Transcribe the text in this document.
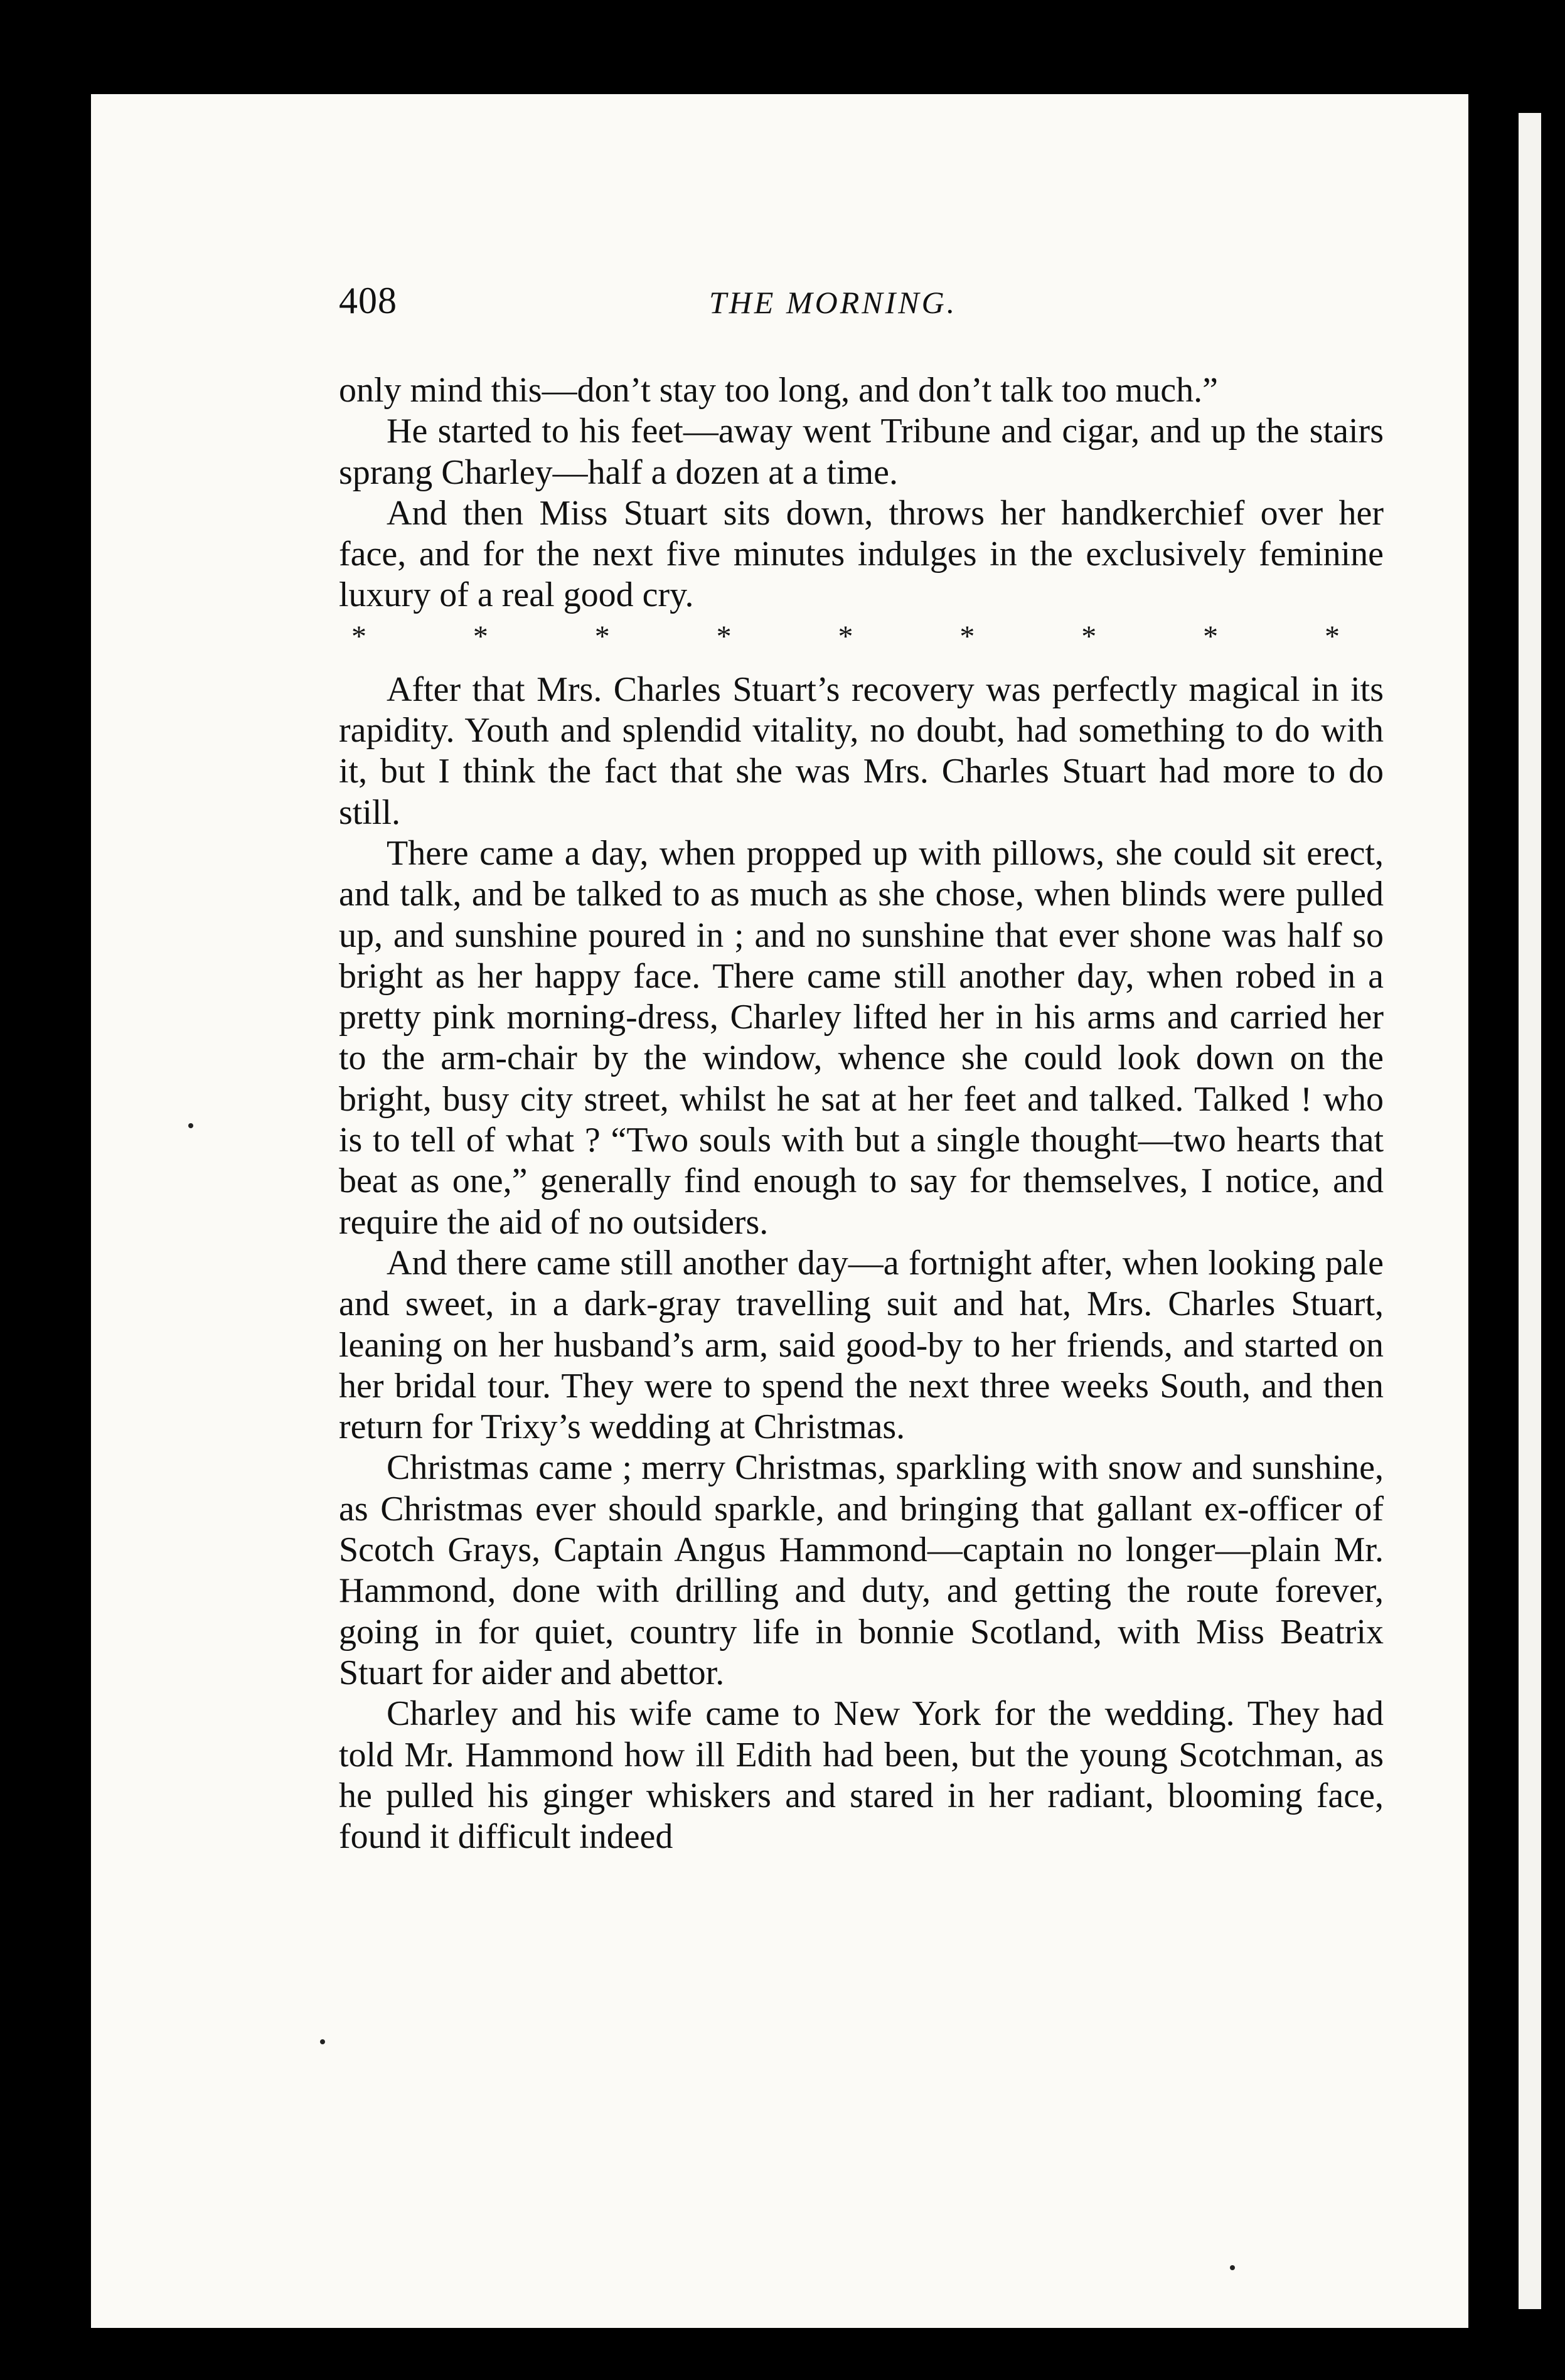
408	THE MORNING.

only mind this—don’t stay too long, and don’t talk too much.”

He started to his feet—away went Tribune and cigar, and up the stairs sprang Charley—half a dozen at a time.

And then Miss Stuart sits down, throws her handkerchief over her face, and for the next five minutes indulges in the exclusively feminine luxury of a real good cry.

*	*	*	*	*	*	*	*	*

After that Mrs. Charles Stuart’s recovery was perfectly magical in its rapidity. Youth and splendid vitality, no doubt, had something to do with it, but I think the fact that she was Mrs. Charles Stuart had more to do still.

There came a day, when propped up with pillows, she could sit erect, and talk, and be talked to as much as she chose, when blinds were pulled up, and sunshine poured in ; and no sunshine that ever shone was half so bright as her happy face. There came still another day, when robed in a pretty pink morning-dress, Charley lifted her in his arms and carried her to the arm-chair by the window, whence she could look down on the bright, busy city street, whilst he sat at her feet and talked. Talked ! who is to tell of what ? “Two souls with but a single thought—two hearts that beat as one,” generally find enough to say for themselves, I notice, and require the aid of no outsiders.

And there came still another day—a fortnight after, when looking pale and sweet, in a dark-gray travelling suit and hat, Mrs. Charles Stuart, leaning on her husband’s arm, said good-by to her friends, and started on her bridal tour. They were to spend the next three weeks South, and then return for Trixy’s wedding at Christmas.

Christmas came ; merry Christmas, sparkling with snow and sunshine, as Christmas ever should sparkle, and bringing that gallant ex-officer of Scotch Grays, Captain Angus Hammond—captain no longer—plain Mr. Hammond, done with drilling and duty, and getting the route forever, going in for quiet, country life in bonnie Scotland, with Miss Beatrix Stuart for aider and abettor.

Charley and his wife came to New York for the wedding. They had told Mr. Hammond how ill Edith had been, but the young Scotchman, as he pulled his ginger whiskers and stared in her radiant, blooming face, found it difficult indeed
